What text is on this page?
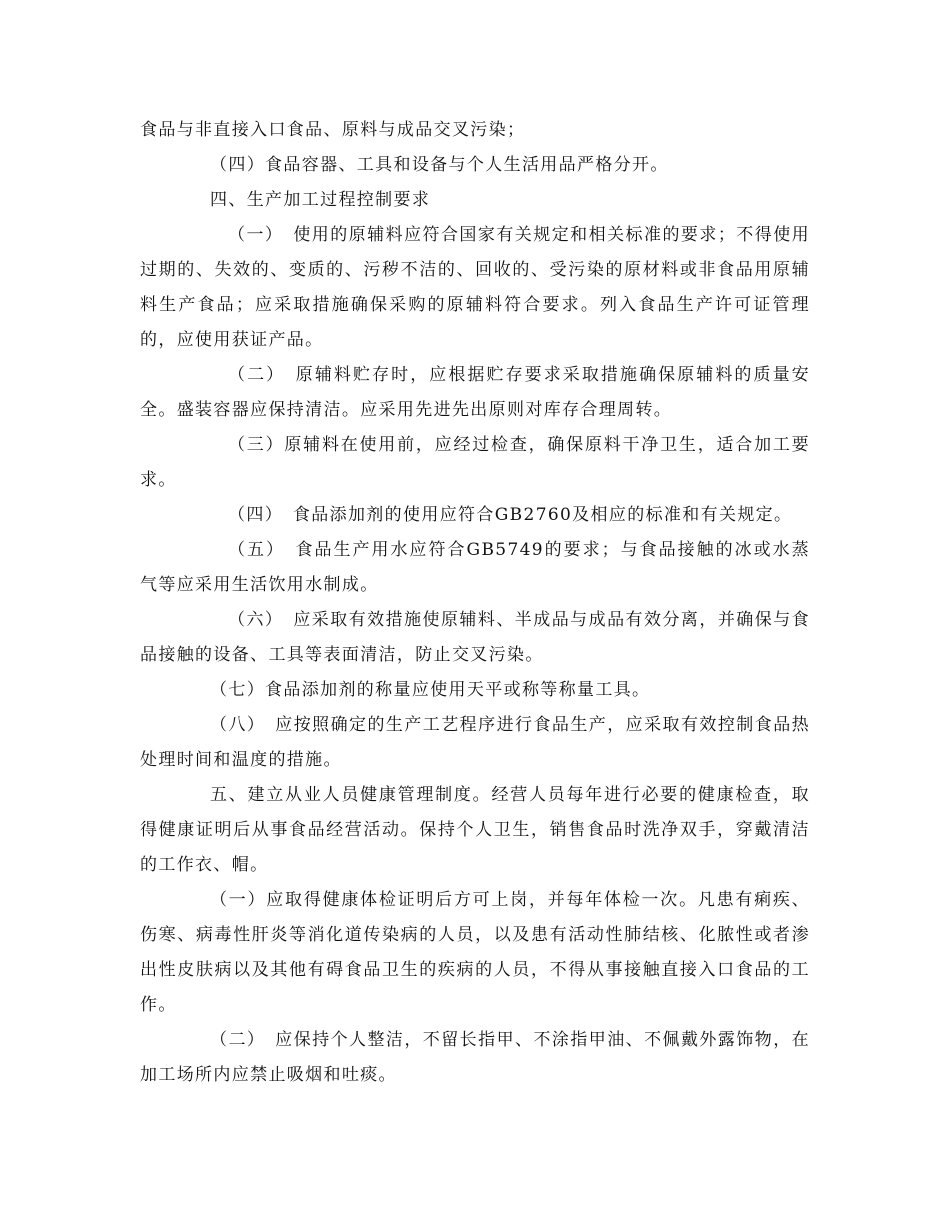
食品与非直接入口食品、原料与成品交叉污染；

（四）食品容器、工具和设备与个人生活用品严格分开。

四、生产加工过程控制要求

（一）　使用的原辅料应符合国家有关规定和相关标准的要求；不得使用过期的、失效的、变质的、污秽不洁的、回收的、受污染的原材料或非食品用原辅料生产食品；应采取措施确保采购的原辅料符合要求。列入食品生产许可证管理的，应使用获证产品。

（二）　原辅料贮存时，应根据贮存要求采取措施确保原辅料的质量安全。盛装容器应保持清洁。应采用先进先出原则对库存合理周转。

（三）原辅料在使用前，应经过检查，确保原料干净卫生，适合加工要求。

（四）　食品添加剂的使用应符合GB2760及相应的标准和有关规定。

（五）　食品生产用水应符合GB5749的要求；与食品接触的冰或水蒸气等应采用生活饮用水制成。

（六）　应采取有效措施使原辅料、半成品与成品有效分离，并确保与食品接触的设备、工具等表面清洁，防止交叉污染。

（七）食品添加剂的称量应使用天平或称等称量工具。

（八）　应按照确定的生产工艺程序进行食品生产，应采取有效控制食品热处理时间和温度的措施。

五、建立从业人员健康管理制度。经营人员每年进行必要的健康检查，取得健康证明后从事食品经营活动。保持个人卫生，销售食品时洗净双手，穿戴清洁的工作衣、帽。

（一）应取得健康体检证明后方可上岗，并每年体检一次。凡患有痢疾、伤寒、病毒性肝炎等消化道传染病的人员，以及患有活动性肺结核、化脓性或者渗出性皮肤病以及其他有碍食品卫生的疾病的人员，不得从事接触直接入口食品的工作。

（二）　应保持个人整洁，不留长指甲、不涂指甲油、不佩戴外露饰物，在加工场所内应禁止吸烟和吐痰。
